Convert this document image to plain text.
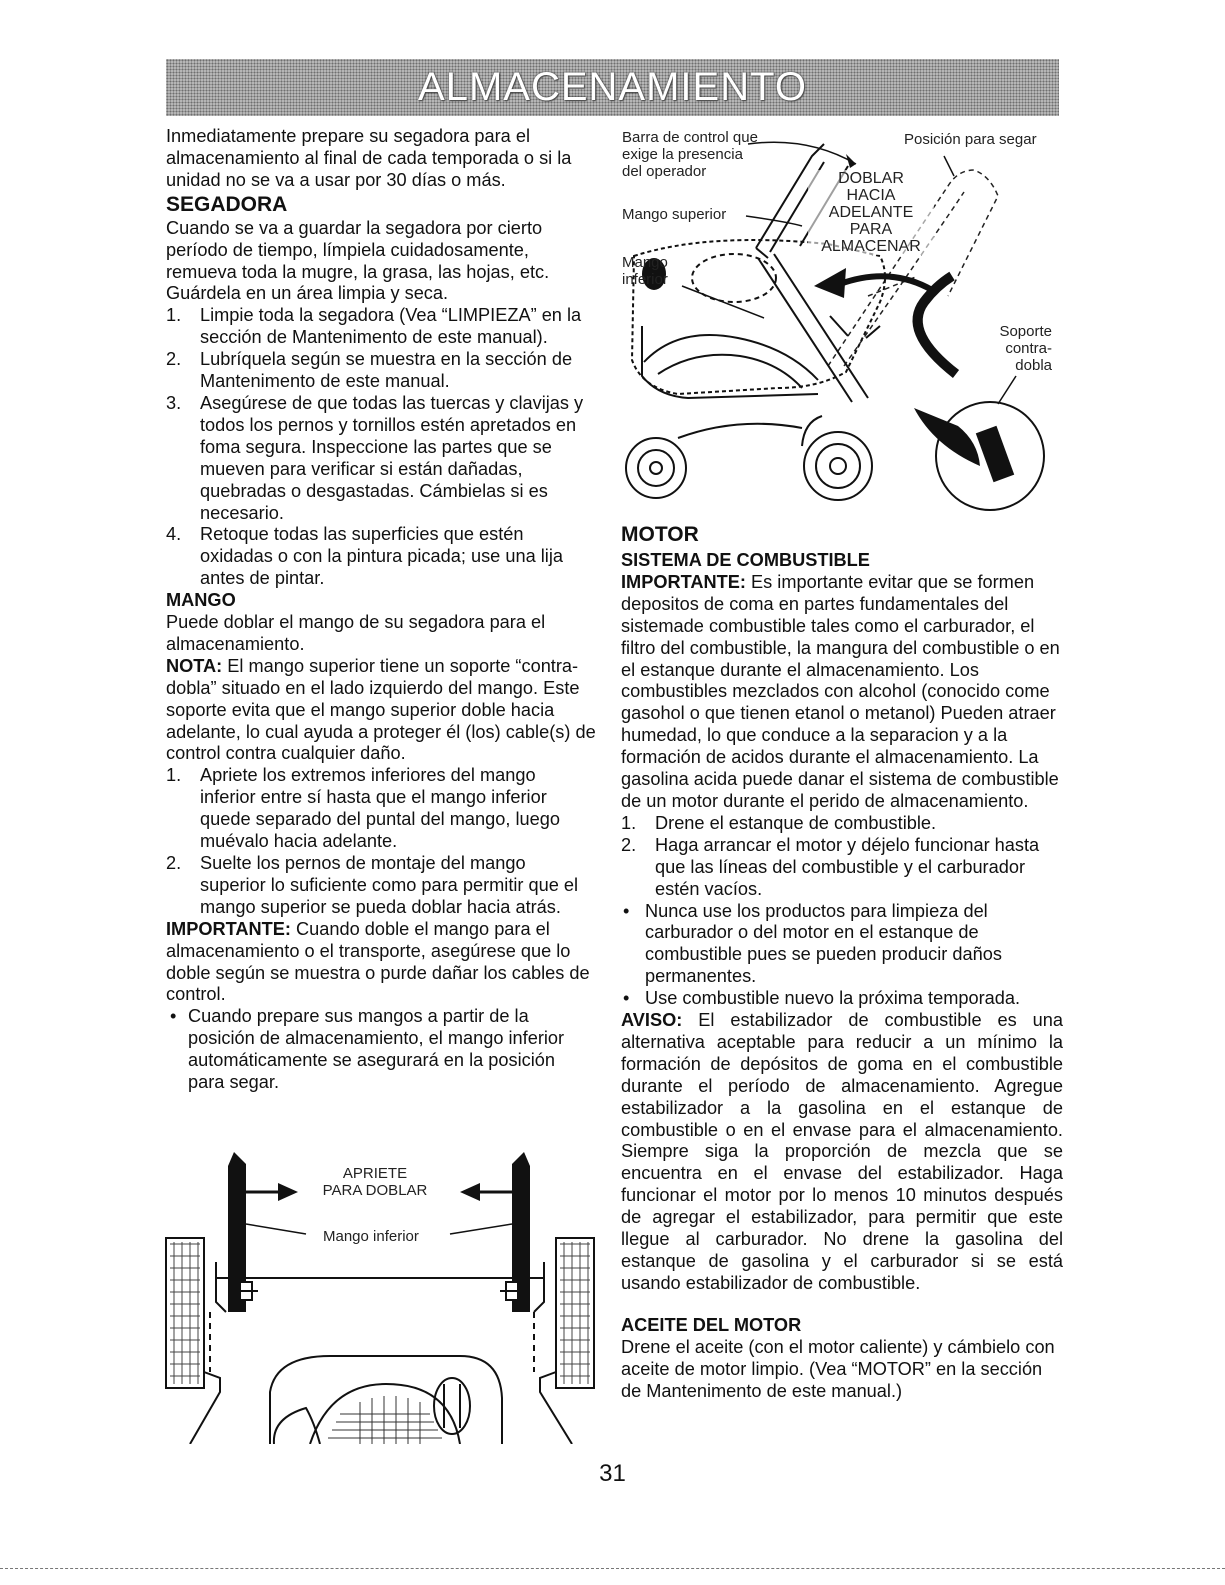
ALMACENAMIENTO

Inmediatamente prepare su segadora para el almacenamiento al final de cada temporada o si la unidad no se va a usar por 30 días o más.

SEGADORA

Cuando se va a guardar la segadora por cierto período de tiempo, límpiela cuidadosamente, remueva toda la mugre, la grasa, las hojas, etc. Guárdela en un área limpia y seca.

1. Limpie toda la segadora (Vea “LIMPIEZA” en la sección de Mantenimento de este manual).
2. Lubríquela según se muestra en la sección de Mantenimento de este manual.
3. Asegúrese de que todas las tuercas y clavijas y todos los pernos y tornillos estén apretados en foma segura. Inspeccione las partes que se mueven para verificar si están dañadas, quebradas o desgastadas. Cámbielas si es necesario.
4. Retoque todas las superficies que estén oxidadas o con la pintura picada; use una lija antes de pintar.

MANGO

Puede doblar el mango de su segadora para el almacenamiento.

NOTA: El mango superior tiene un soporte “contra-dobla” situado en el lado izquierdo del mango. Este soporte evita que el mango superior doble hacia adelante, lo cual ayuda a proteger él (los) cable(s) de control contra cualquier daño.

1. Apriete los extremos inferiores del mango inferior entre sí hasta que el mango inferior quede separado del puntal del mango, luego muévalo hacia adelante.
2. Suelte los pernos de montaje del mango superior lo suficiente como para permitir que el mango superior se pueda doblar hacia atrás.

IMPORTANTE: Cuando doble el mango para el almacenamiento o el transporte, asegúrese que lo doble según se muestra o purde dañar los cables de control.

• Cuando prepare sus mangos a partir de la posición de almacenamiento, el mango inferior automáticamente se asegurará en la posición para segar.
APRIETE
PARA DOBLAR
Mango inferior
Barra de control que
exige la presencia
del operador
Posición para segar
Mango superior
Mango
inferior
DOBLAR
HACIA
ADELANTE
PARA
ALMACENAR
Soporte
contra-
dobla

MOTOR

SISTEMA DE COMBUSTIBLE

IMPORTANTE: Es importante evitar que se formen depositos de coma en partes fundamentales del sistemade combustible tales como el carburador, el filtro del combustible, la mangura del combustible o en el estanque durante el almacenamiento. Los combustibles mezclados con alcohol (conocido come gasohol o que tienen etanol o metanol) Pueden atraer humedad, lo que conduce a la separacion y a la formación de acidos durante el almacenamiento. La gasolina acida puede danar el sistema de combustible de un motor durante el perido de almacenamiento.

1. Drene el estanque de combustible.
2. Haga arrancar el motor y déjelo funcionar hasta que las líneas del combustible y el carburador estén vacíos.
• Nunca use los productos para limpieza del carburador o del motor en el estanque de combustible pues se pueden producir daños permanentes.
• Use combustible nuevo la próxima temporada.

AVISO: El estabilizador de combustible es una alternativa aceptable para reducir a un mínimo la formación de depósitos de goma en el combustible durante el período de almacenamiento. Agregue estabilizador a la gasolina en el estanque de combustible o en el envase para el almacenamiento. Siempre siga la proporción de mezcla que se encuentra en el envase del estabilizador. Haga funcionar el motor por lo menos 10 minutos después de agregar el estabilizador, para permitir que este llegue al carburador. No drene la gasolina del estanque de gasolina y el carburador si se está usando estabilizador de combustible.

ACEITE DEL MOTOR

Drene el aceite (con el motor caliente) y cámbielo con aceite de motor limpio. (Vea “MOTOR” en la sección de Mantenimento de este manual.)

31
